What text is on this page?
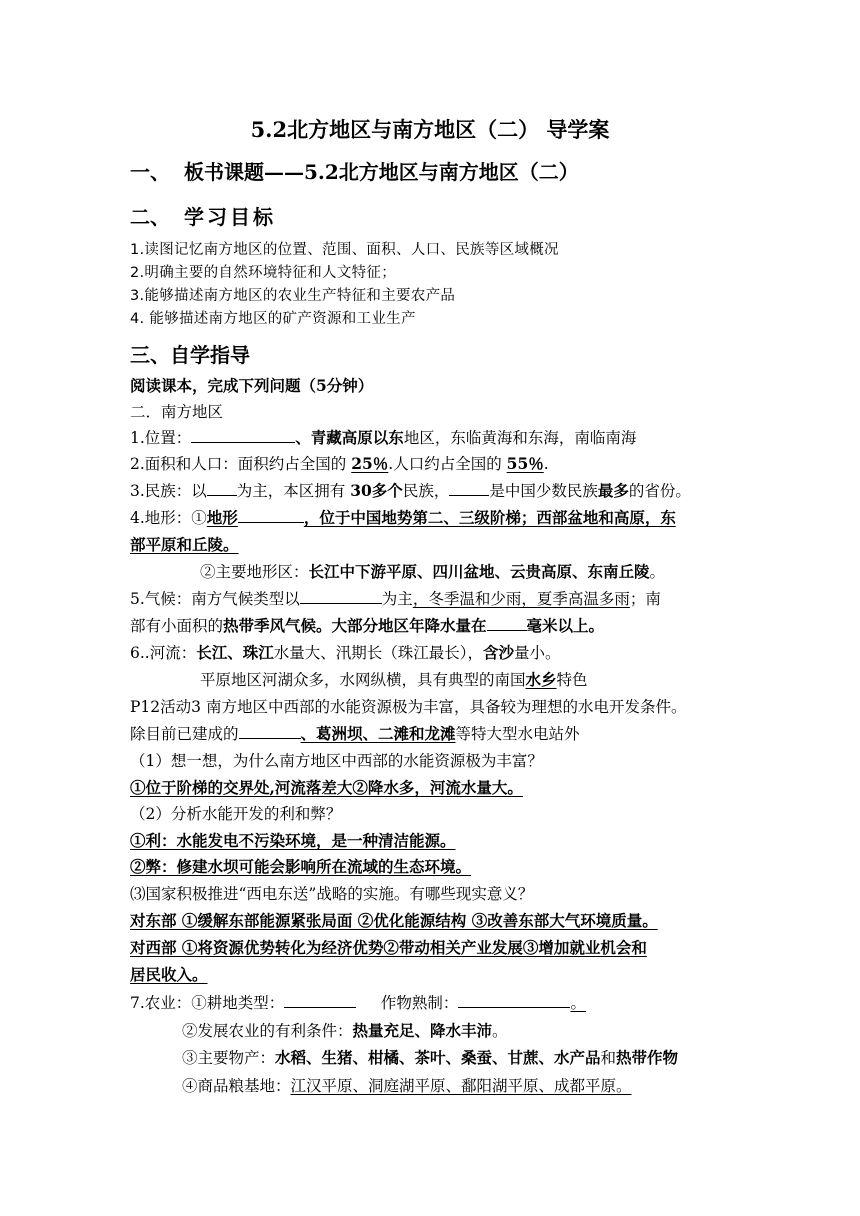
5.2北方地区与南方地区（二） 导学案
一、 板书课题——5.2北方地区与南方地区（二）
二、 学习目标
1.读图记忆南方地区的位置、范围、面积、人口、民族等区域概况
2.明确主要的自然环境特征和人文特征；
3.能够描述南方地区的农业生产特征和主要农产品
4. 能够描述南方地区的矿产资源和工业生产
三、自学指导
阅读课本，完成下列问题（5分钟）
二．南方地区
1.位置：	、青藏高原以东地区，东临黄海和东海，南临南海
2.面积和人口：面积约占全国的 25％.人口约占全国的 55％.
3.民族：以 为主，本区拥有 30多个民族，	是中国少数民族最多的省份。
4.地形：①地形	，位于中国地势第二、三级阶梯；西部盆地和高原，东
部平原和丘陵。
②主要地形区：长江中下游平原、四川盆地、云贵高原、东南丘陵。
5.气候：南方气候类型以	为主，冬季温和少雨，夏季高温多雨；南
部有小面积的热带季风气候。大部分地区年降水量在	毫米以上。
6..河流：长江、珠江水量大、汛期长（珠江最长），含沙量小。
平原地区河湖众多，水网纵横，具有典型的南国水乡特色
P12活动3 南方地区中西部的水能资源极为丰富，具备较为理想的水电开发条件。
除目前已建成的	、葛洲坝、二滩和龙滩等特大型水电站外
（1）想一想，为什么南方地区中西部的水能资源极为丰富？
①位于阶梯的交界处,河流落差大②降水多，河流水量大。
（2）分析水能开发的利和弊？
①利：水能发电不污染环境，是一种清洁能源。
②弊：修建水坝可能会影响所在流域的生态环境。
⑶国家积极推进“西电东送”战略的实施。有哪些现实意义？
对东部 ①缓解东部能源紧张局面 ②优化能源结构 ③改善东部大气环境质量。
对西部 ①将资源优势转化为经济优势②带动相关产业发展③增加就业机会和
居民收入。
7.农业：①耕地类型：	作物熟制：	。
②发展农业的有利条件：热量充足、降水丰沛。
③主要物产：水稻、生猪、柑橘、茶叶、桑蚕、甘蔗、水产品和热带作物
④商品粮基地：江汉平原、洞庭湖平原、鄱阳湖平原、成都平原。
